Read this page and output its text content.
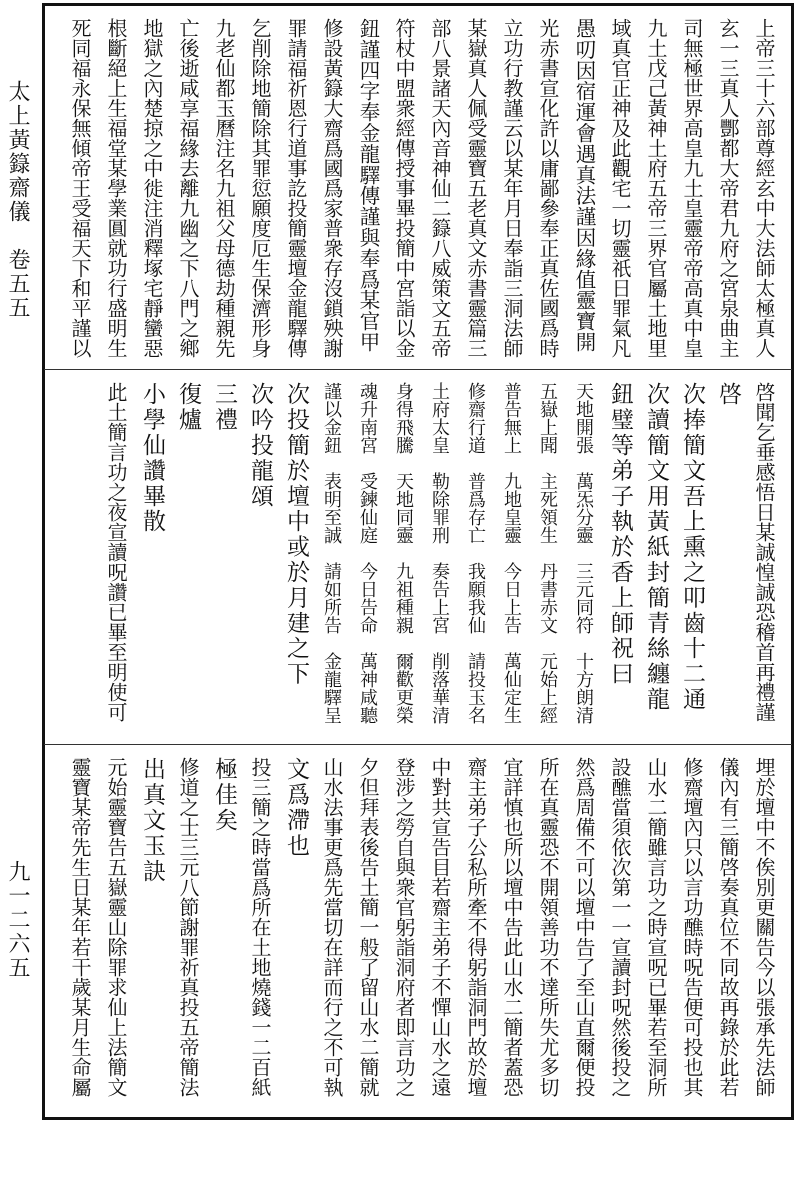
太上黃籙齋儀　卷五五
九一二六五
上帝三十六部尊經玄中大法師太極真人
玄一三真人酆都大帝君九府之宮泉曲主
司無極世界高皇九土皇靈帝帝高真中皇
九土戊己黃神土府五帝三界官屬土地里
域真官正神及此觀宅一切靈祇日罪氣凡
愚叨因宿運會遇真法謹因緣值靈寶開
光赤書宣化許以庸鄙參奉正真佐國爲時
立功行教謹云以某年月日奉詣三洞法師
某嶽真人佩受靈寶五老真文赤書靈篇三
部八景諸天內音神仙二籙八威策文五帝
符杖中盟衆經傳授事畢投簡中宮詣以金
鈕謹四字奉金龍驛傳謹與奉爲某官甲
修設黃籙大齋爲國爲家普衆存沒鎖殃謝
罪請福祈恩行道事訖投簡靈壇金龍驛傳
乞削除地簡除其罪愆願度厄生保濟形身
九老仙都玉曆注名九祖父母德劫種親先
亡後逝咸享福緣去離九幽之下八門之鄉
地獄之內楚掠之中徙注消釋塚宅靜蠻惡
根斷絕上生福堂某學業圓就功行盛明生
死同福永保無傾帝王受福天下和平謹以
啓聞乞垂感悟日某誠惶誠恐稽首再禮謹
啓
次捧簡文吾上熏之叩齒十二通
次讀簡文用黃紙封簡青絲纏龍
鈕璧等弟子執於香上師祝曰
天地開張　萬炁分靈　三元同符　十方朗清
五嶽上聞　主死領生　丹書赤文　元始上經
普告無上　九地皇靈　今日上告　萬仙定生
修齋行道　普爲存亡　我願我仙　請投玉名
土府太皇　勒除罪刑　奏告上宮　削落華清
身得飛騰　天地同靈　九祖種親　爾歡更榮
魂升南宮　受鍊仙庭　今日告命　萬神咸聽
謹以金鈕　表明至誠　請如所告　金龍驛呈
次投簡於壇中或於月建之下
次吟投龍頌
三禮
復爐
小學仙讚畢散
此土簡言功之夜宣讀呪讚已畢至明使可
埋於壇中不俟別更關告今以張承先法師
儀內有三簡啓奏真位不同故再錄於此若
修齋壇內只以言功醮時呪告便可投也其
山水二簡雖言功之時宣呪已畢若至洞所
設醮當須依次第一一宣讀封呪然後投之
然爲周備不可以壇中告了至山直爾便投
所在真靈恐不開領善功不達所失尤多切
宜詳慎也所以壇中告此山水二簡者蓋恐
齋主弟子公私所牽不得躬詣洞門故於壇
中對共宣告目若齋主弟子不憚山水之遠
登涉之勞自與衆官躬詣洞府者即言功之
夕但拜表後告土簡一般了留山水二簡就
山水法事更爲先當切在詳而行之不可執
文爲滯也
投三簡之時當爲所在土地燒錢一二百紙
極佳矣
修道之士三元八節謝罪祈真投五帝簡法
出真文玉訣
元始靈寶告五嶽靈山除罪求仙上法簡文
靈寶某帝先生日某年若干歲某月生命屬
